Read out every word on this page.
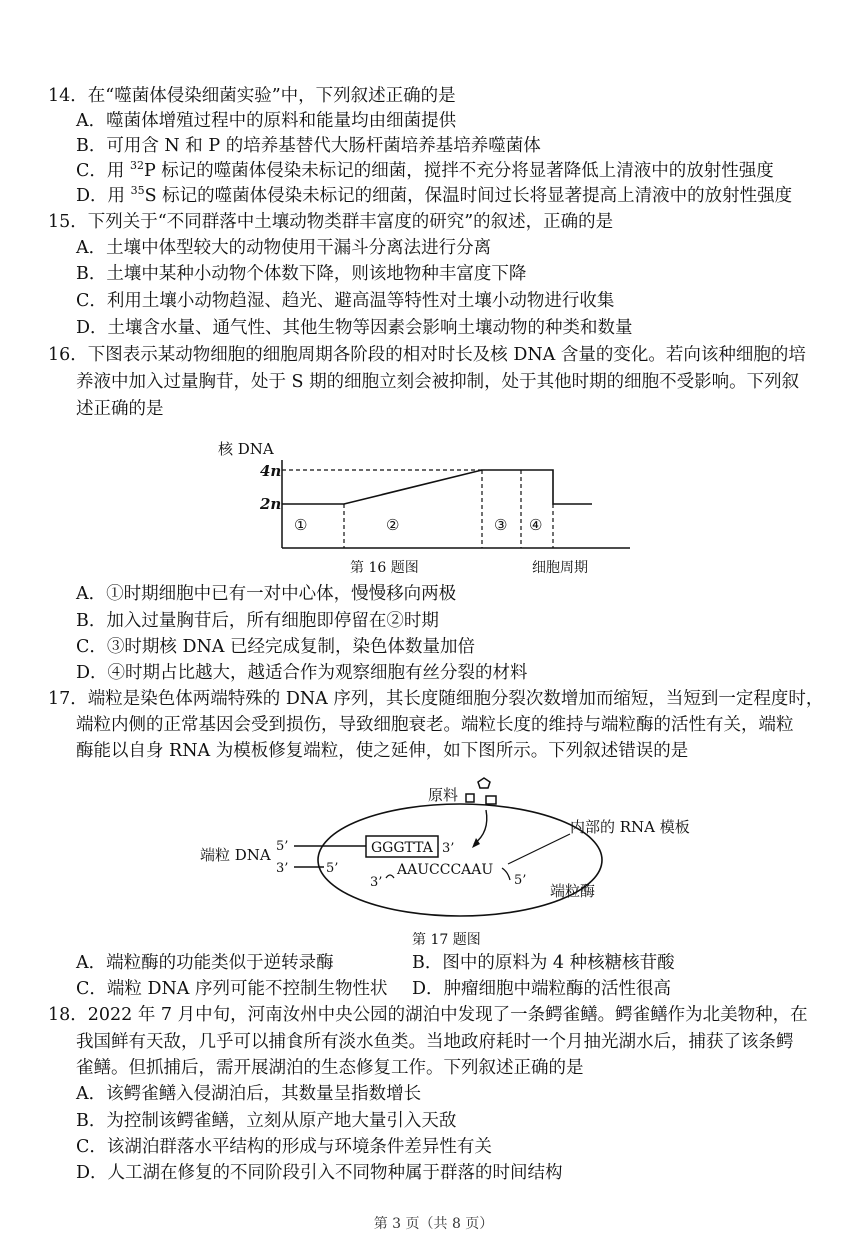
14．在“噬菌体侵染细菌实验”中，下列叙述正确的是
A．噬菌体增殖过程中的原料和能量均由细菌提供
B．可用含 N 和 P 的培养基替代大肠杆菌培养基培养噬菌体
C．用 $^{32}$P 标记的噬菌体侵染未标记的细菌，搅拌不充分将显著降低上清液中的放射性强度
D．用 $^{35}$S 标记的噬菌体侵染未标记的细菌，保温时间过长将显著提高上清液中的放射性强度
15．下列关于“不同群落中土壤动物类群丰富度的研究”的叙述，正确的是
A．土壤中体型较大的动物使用干漏斗分离法进行分离
B．土壤中某种小动物个体数下降，则该地物种丰富度下降
C．利用土壤小动物趋湿、趋光、避高温等特性对土壤小动物进行收集
D．土壤含水量、通气性、其他生物等因素会影响土壤动物的种类和数量
16．下图表示某动物细胞的细胞周期各阶段的相对时长及核 DNA 含量的变化。若向该种细胞的培
养液中加入过量胸苷，处于 S 期的细胞立刻会被抑制，处于其他时期的细胞不受影响。下列叙
述正确的是
核 DNA
4n
2n
①	②	③ ④
第 16 题图	细胞周期
A．①时期细胞中已有一对中心体，慢慢移向两极
B．加入过量胸苷后，所有细胞即停留在②时期
C．③时期核 DNA 已经完成复制，染色体数量加倍
D．④时期占比越大，越适合作为观察细胞有丝分裂的材料
17．端粒是染色体两端特殊的 DNA 序列，其长度随细胞分裂次数增加而缩短，当短到一定程度时，
端粒内侧的正常基因会受到损伤，导致细胞衰老。端粒长度的维持与端粒酶的活性有关，端粒
酶能以自身 RNA 为模板修复端粒，使之延伸，如下图所示。下列叙述错误的是
原料
端粒 DNA 5’	GGGTTA 3’
3’	5’
3’
AAUCCCAAU
5’
内部的 RNA 模板
端粒酶
第 17 题图
A．端粒酶的功能类似于逆转录酶	B．图中的原料为 4 种核糖核苷酸
C．端粒 DNA 序列可能不控制生物性状 D．肿瘤细胞中端粒酶的活性很高
18．2022 年 7 月中旬，河南汝州中央公园的湖泊中发现了一条鳄雀鳝。鳄雀鳝作为北美物种，在
我国鲜有天敌，几乎可以捕食所有淡水鱼类。当地政府耗时一个月抽光湖水后，捕获了该条鳄
雀鳝。但抓捕后，需开展湖泊的生态修复工作。下列叙述正确的是
A．该鳄雀鳝入侵湖泊后，其数量呈指数增长
B．为控制该鳄雀鳝，立刻从原产地大量引入天敌
C．该湖泊群落水平结构的形成与环境条件差异性有关
D．人工湖在修复的不同阶段引入不同物种属于群落的时间结构
第 3 页（共 8 页）
